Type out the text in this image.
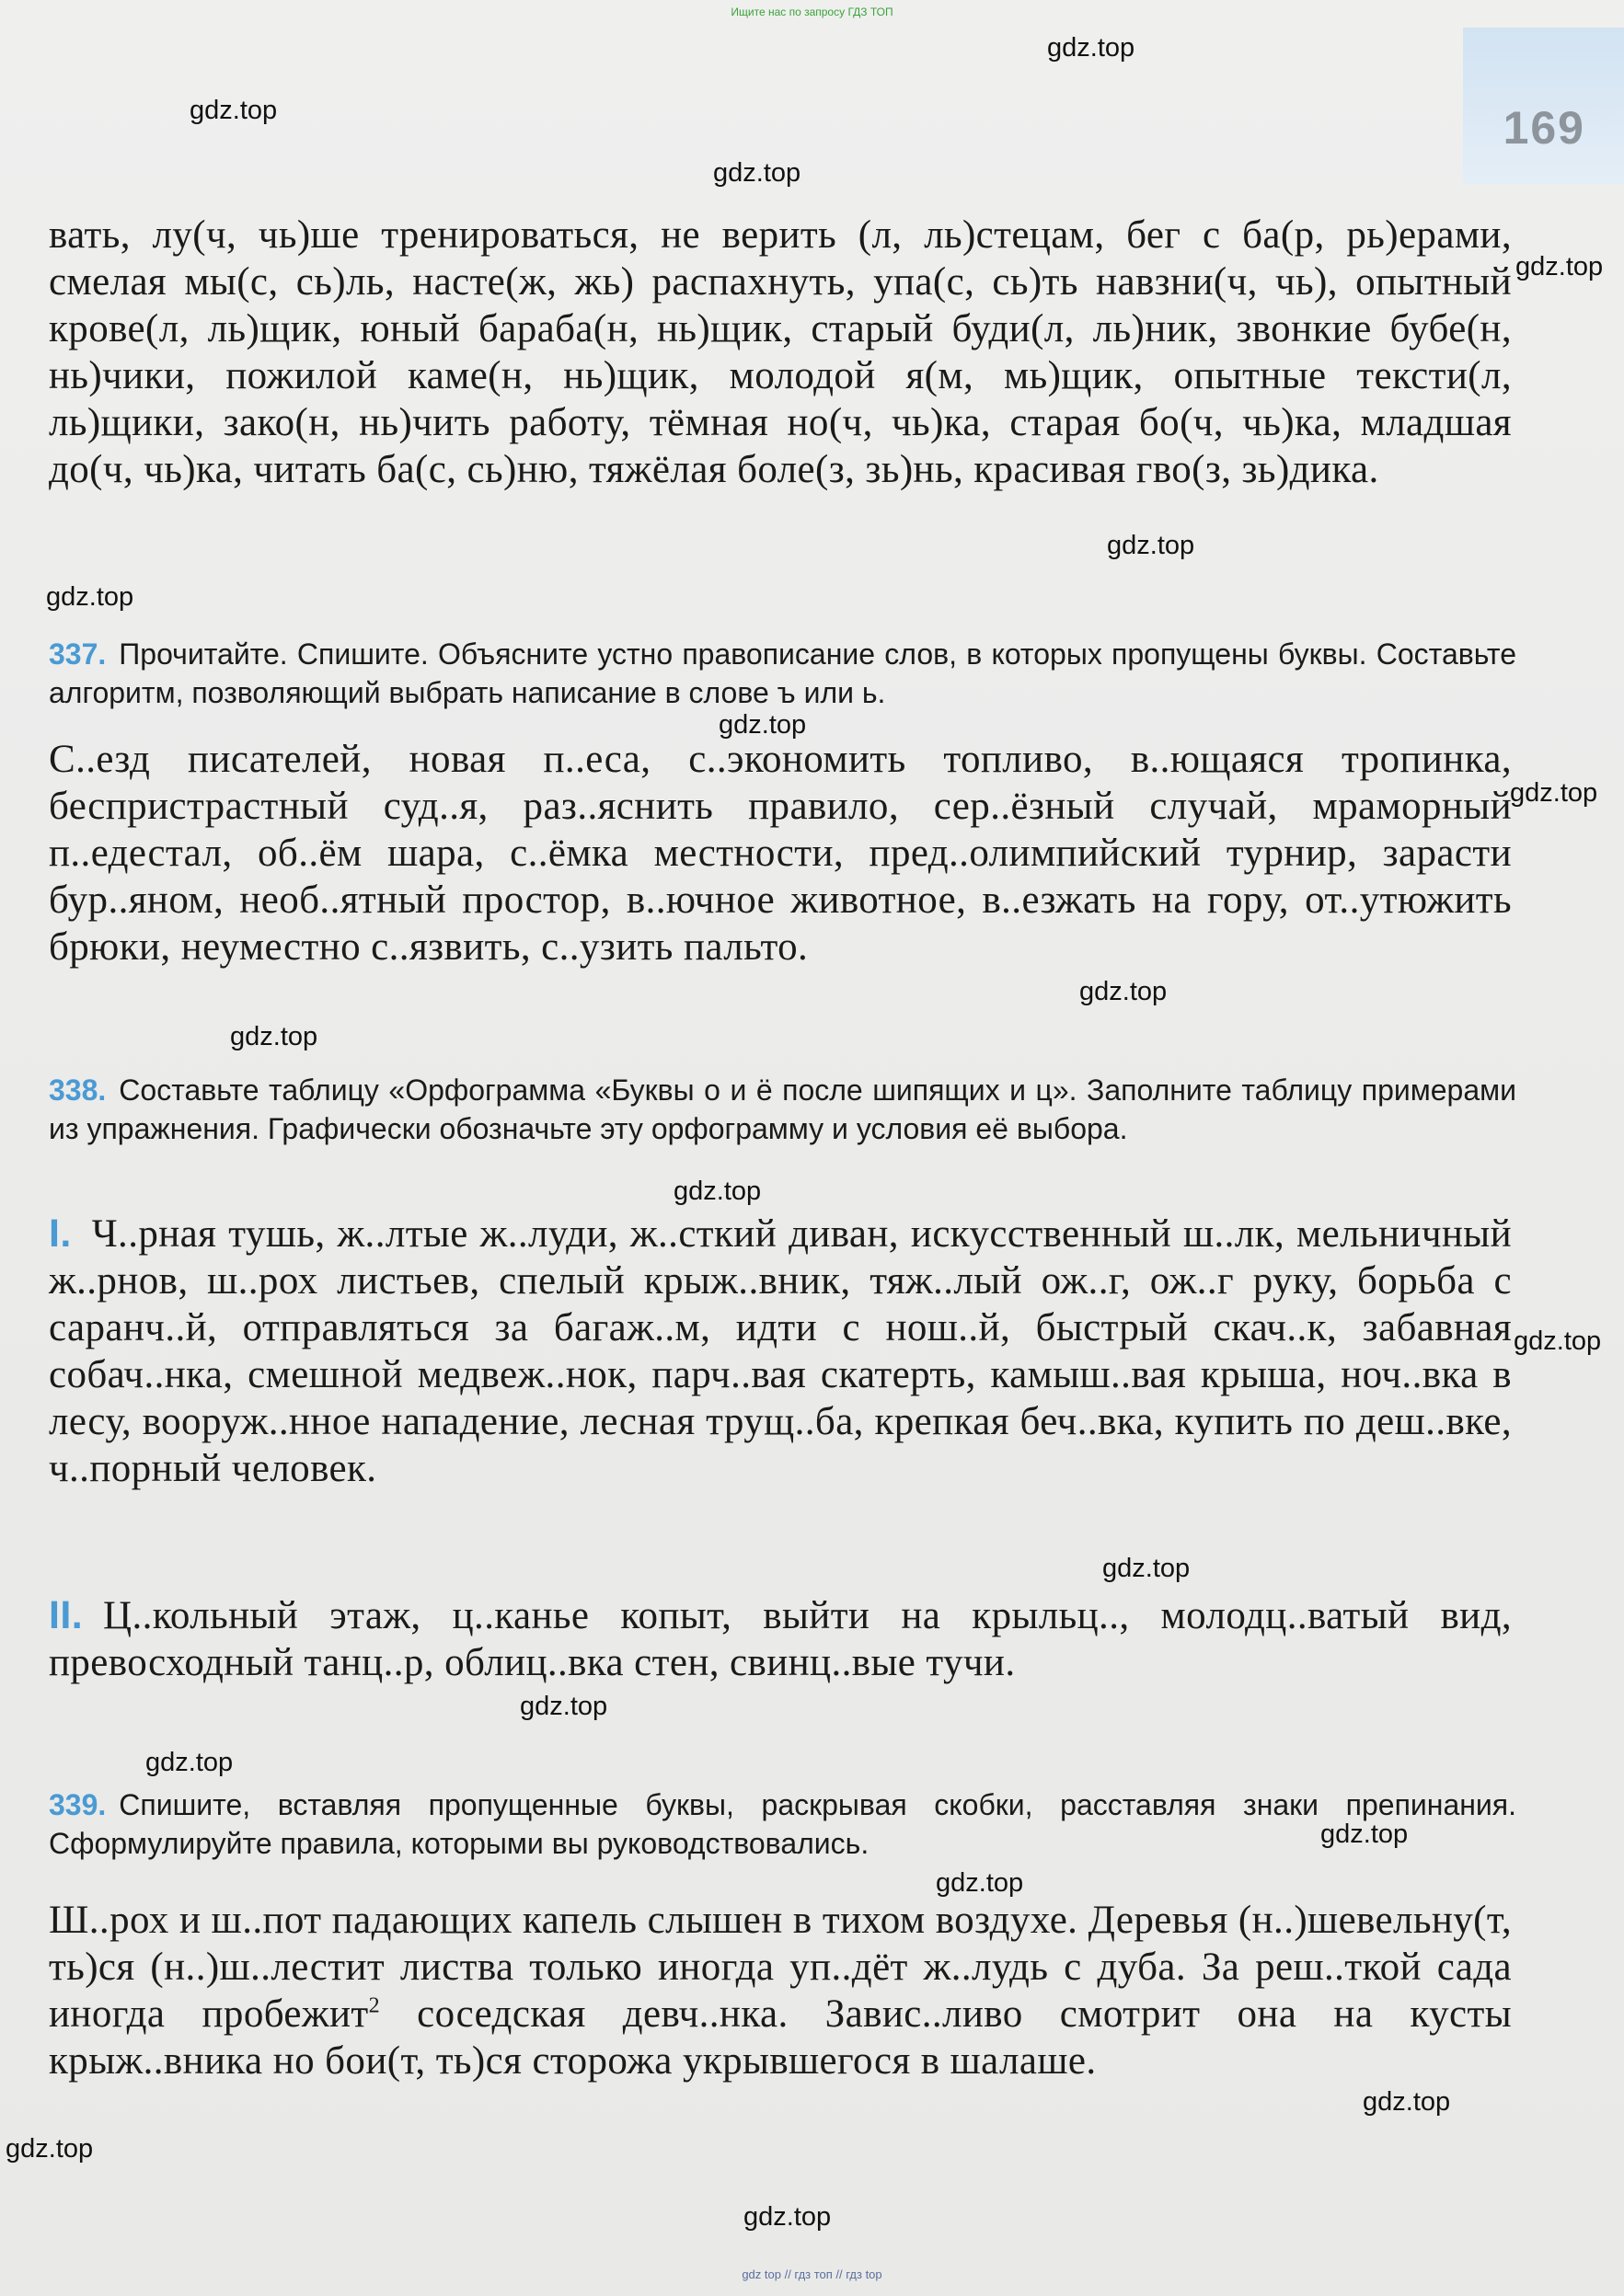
Ищите нас по запросу ГДЗ ТОП
169
gdz.top
gdz.top
gdz.top
gdz.top
gdz.top
gdz.top
gdz.top
gdz.top
gdz.top
gdz.top
gdz.top
gdz.top
gdz.top
gdz.top
gdz.top
gdz.top
gdz.top
gdz.top
gdz.top
gdz.top

вать, лу(ч, чь)ше тренироваться, не верить (л, ль)стецам, бег с ба(р, рь)ерами, смелая мы(с, сь)ль, насте(ж, жь) распахнуть, упа(с, сь)ть навзни(ч, чь), опытный крове(л, ль)щик, юный бараба(н, нь)щик, старый буди(л, ль)ник, звонкие бубе(н, нь)чики, пожилой каме(н, нь)щик, молодой я(м, мь)щик, опытные тексти(л, ль)щики, зако(н, нь)чить работу, тёмная но(ч, чь)ка, старая бо(ч, чь)ка, младшая до(ч, чь)ка, читать ба(с, сь)ню, тяжёлая боле(з, зь)нь, красивая гво(з, зь)дика.

337. Прочитайте. Спишите. Объясните устно правописание слов, в которых пропущены буквы. Составьте алгоритм, позволяющий выбрать написание в слове ъ или ь.

С..езд писателей, новая п..еса, с..экономить топливо, в..ющаяся тропинка, беспристрастный суд..я, раз..яснить правило, сер..ёзный случай, мраморный п..едестал, об..ём шара, с..ёмка местности, пред..олимпийский турнир, зарасти бур..яном, необ..ятный простор, в..ючное животное, в..езжать на гору, от..утюжить брюки, неуместно с..язвить, с..узить пальто.

338. Составьте таблицу «Орфограмма «Буквы о и ё после шипящих и ц». Заполните таблицу примерами из упражнения. Графически обозначьте эту орфограмму и условия её выбора.

I. Ч..рная тушь, ж..лтые ж..луди, ж..сткий диван, искусственный ш..лк, мельничный ж..рнов, ш..рох листьев, спелый крыж..вник, тяж..лый ож..г, ож..г руку, борьба с саранч..й, отправляться за багаж..м, идти с нош..й, быстрый скач..к, забавная собач..нка, смешной медвеж..нок, парч..вая скатерть, камыш..вая крыша, ноч..вка в лесу, вооруж..нное нападение, лесная трущ..ба, крепкая беч..вка, купить по деш..вке, ч..порный человек.

II. Ц..кольный этаж, ц..канье копыт, выйти на крыльц.., молодц..ватый вид, превосходный танц..р, облиц..вка стен, свинц..вые тучи.

339. Спишите, вставляя пропущенные буквы, раскрывая скобки, расставляя знаки препинания. Сформулируйте правила, которыми вы руководствовались.

Ш..рох и ш..пот падающих капель слышен в тихом воздухе. Деревья (н..)шевельну(т, ть)ся (н..)ш..лестит листва только иногда уп..дёт ж..лудь с дуба. За реш..ткой сада иногда пробежит$^2$ соседская девч..нка. Завис..ливо смотрит она на кусты крыж..вника но бои(т, ть)ся сторожа укрывшегося в шалаше.

gdz top // гдз топ // гдз top
